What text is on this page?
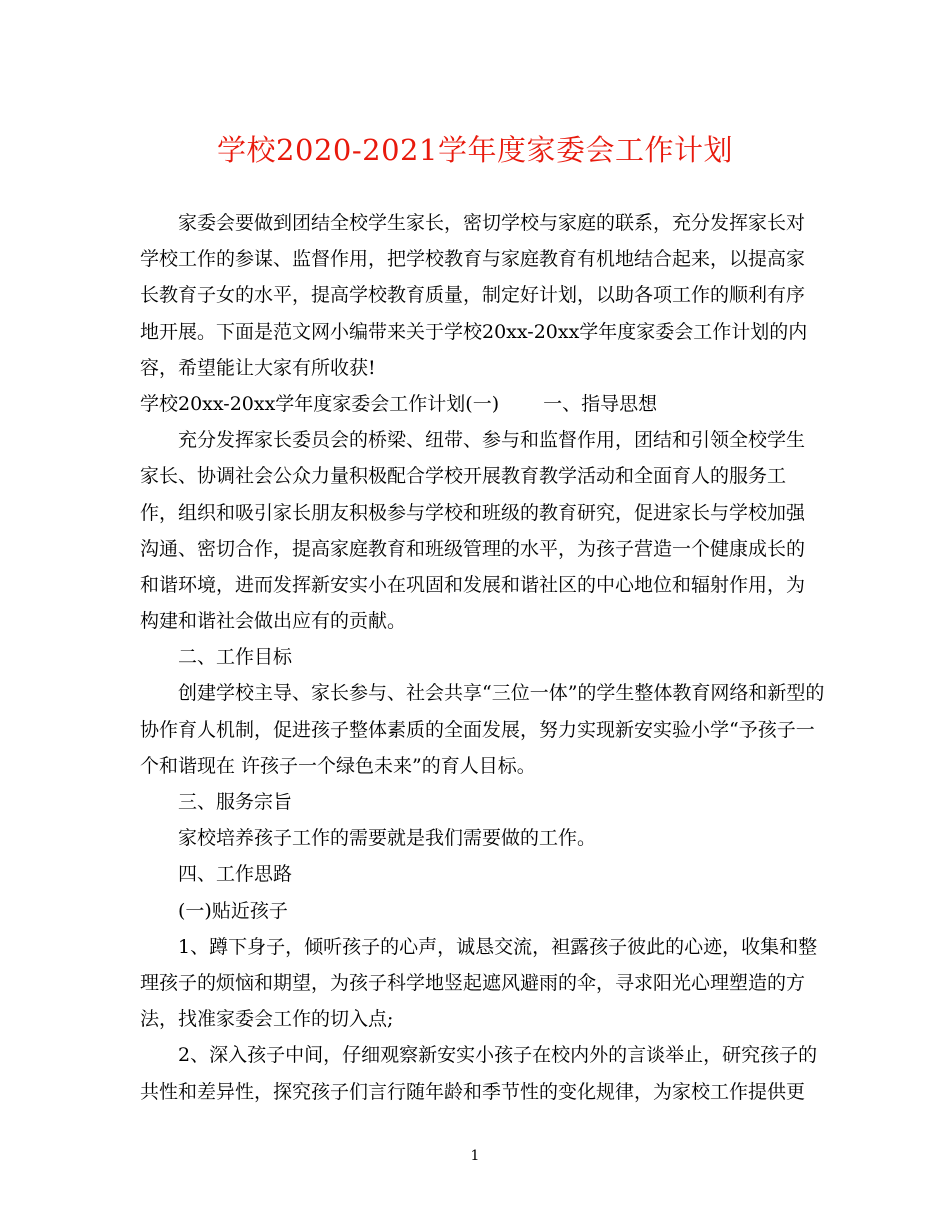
学校2020-2021学年度家委会工作计划
家委会要做到团结全校学生家长，密切学校与家庭的联系，充分发挥家长对
学校工作的参谋、监督作用，把学校教育与家庭教育有机地结合起来，以提高家
长教育子女的水平，提高学校教育质量，制定好计划，以助各项工作的顺利有序
地开展。下面是范文网小编带来关于学校20xx-20xx学年度家委会工作计划的内
容，希望能让大家有所收获!
学校20xx-20xx学年度家委会工作计划(一) 一、指导思想
充分发挥家长委员会的桥梁、纽带、参与和监督作用，团结和引领全校学生
家长、协调社会公众力量积极配合学校开展教育教学活动和全面育人的服务工
作，组织和吸引家长朋友积极参与学校和班级的教育研究，促进家长与学校加强
沟通、密切合作，提高家庭教育和班级管理的水平，为孩子营造一个健康成长的
和谐环境，进而发挥新安实小在巩固和发展和谐社区的中心地位和辐射作用，为
构建和谐社会做出应有的贡献。
二、工作目标
创建学校主导、家长参与、社会共享“三位一体”的学生整体教育网络和新型的
协作育人机制，促进孩子整体素质的全面发展，努力实现新安实验小学“予孩子一
个和谐现在 许孩子一个绿色未来”的育人目标。
三、服务宗旨
家校培养孩子工作的需要就是我们需要做的工作。
四、工作思路
(一)贴近孩子
1、蹲下身子，倾听孩子的心声，诚恳交流，袒露孩子彼此的心迹，收集和整
理孩子的烦恼和期望，为孩子科学地竖起遮风避雨的伞，寻求阳光心理塑造的方
法，找准家委会工作的切入点;
2、深入孩子中间，仔细观察新安实小孩子在校内外的言谈举止，研究孩子的
共性和差异性，探究孩子们言行随年龄和季节性的变化规律，为家校工作提供更
1
